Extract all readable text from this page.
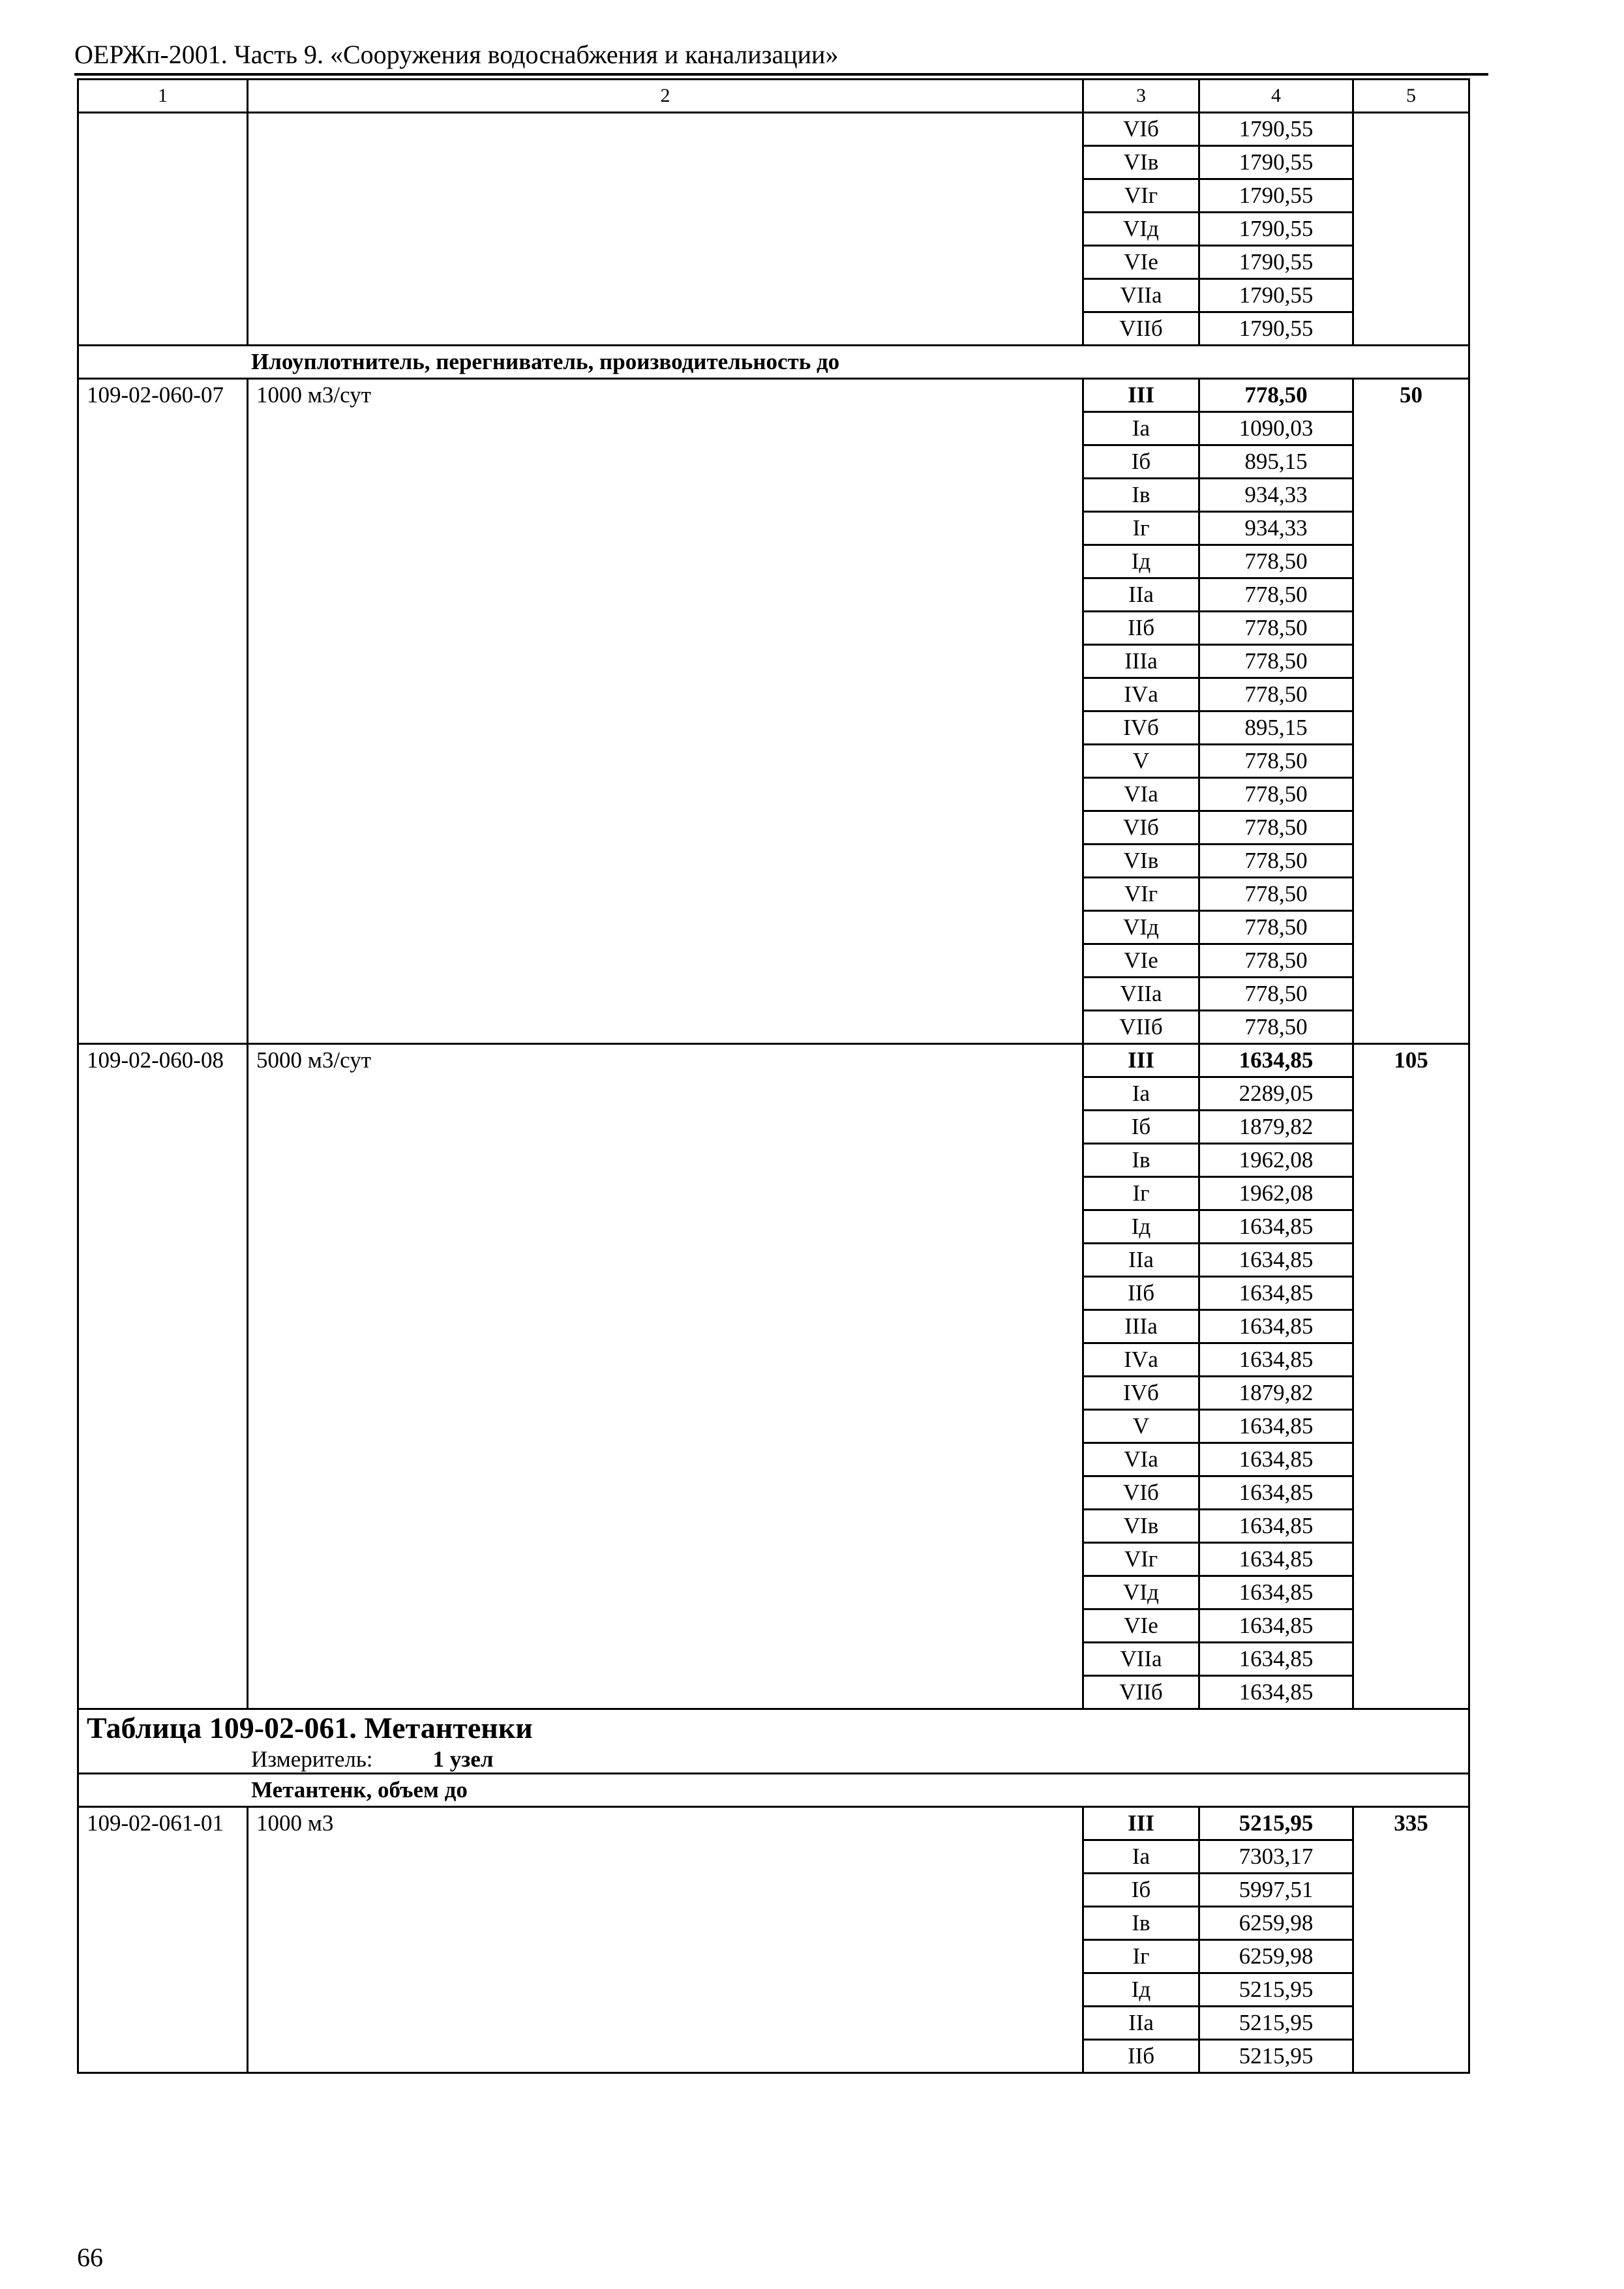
ОЕРЖп-2001. Часть 9. «Сооружения водоснабжения и канализации»
1	2	3	4	5
		VIб	1790,55	
		VIв	1790,55	
		VIг	1790,55	
		VIд	1790,55	
		VIе	1790,55	
		VIIа	1790,55	
		VIIб	1790,55	
Илоуплотнитель, перегниватель, производительность до				
109-02-060-07	1000 м3/сут	III	778,50	50
		Iа	1090,03	
		Iб	895,15	
		Iв	934,33	
		Iг	934,33	
		Iд	778,50	
		IIа	778,50	
		IIб	778,50	
		IIIа	778,50	
		IVа	778,50	
		IVб	895,15	
		V	778,50	
		VIа	778,50	
		VIб	778,50	
		VIв	778,50	
		VIг	778,50	
		VIд	778,50	
		VIе	778,50	
		VIIа	778,50	
		VIIб	778,50	
109-02-060-08	5000 м3/сут	III	1634,85	105
		Iа	2289,05	
		Iб	1879,82	
		Iв	1962,08	
		Iг	1962,08	
		Iд	1634,85	
		IIа	1634,85	
		IIб	1634,85	
		IIIа	1634,85	
		IVа	1634,85	
		IVб	1879,82	
		V	1634,85	
		VIа	1634,85	
		VIб	1634,85	
		VIв	1634,85	
		VIг	1634,85	
		VIд	1634,85	
		VIе	1634,85	
		VIIа	1634,85	
		VIIб	1634,85	

Таблица 109-02-061. Метантенки
Измеритель: 1 узел				

Метантенк, объем до				
109-02-061-01	1000 м3	III	5215,95	335
		Iа	7303,17	
		Iб	5997,51	
		Iв	6259,98	
		Iг	6259,98	
		Iд	5215,95	
		IIа	5215,95	
		IIб	5215,95	
66
